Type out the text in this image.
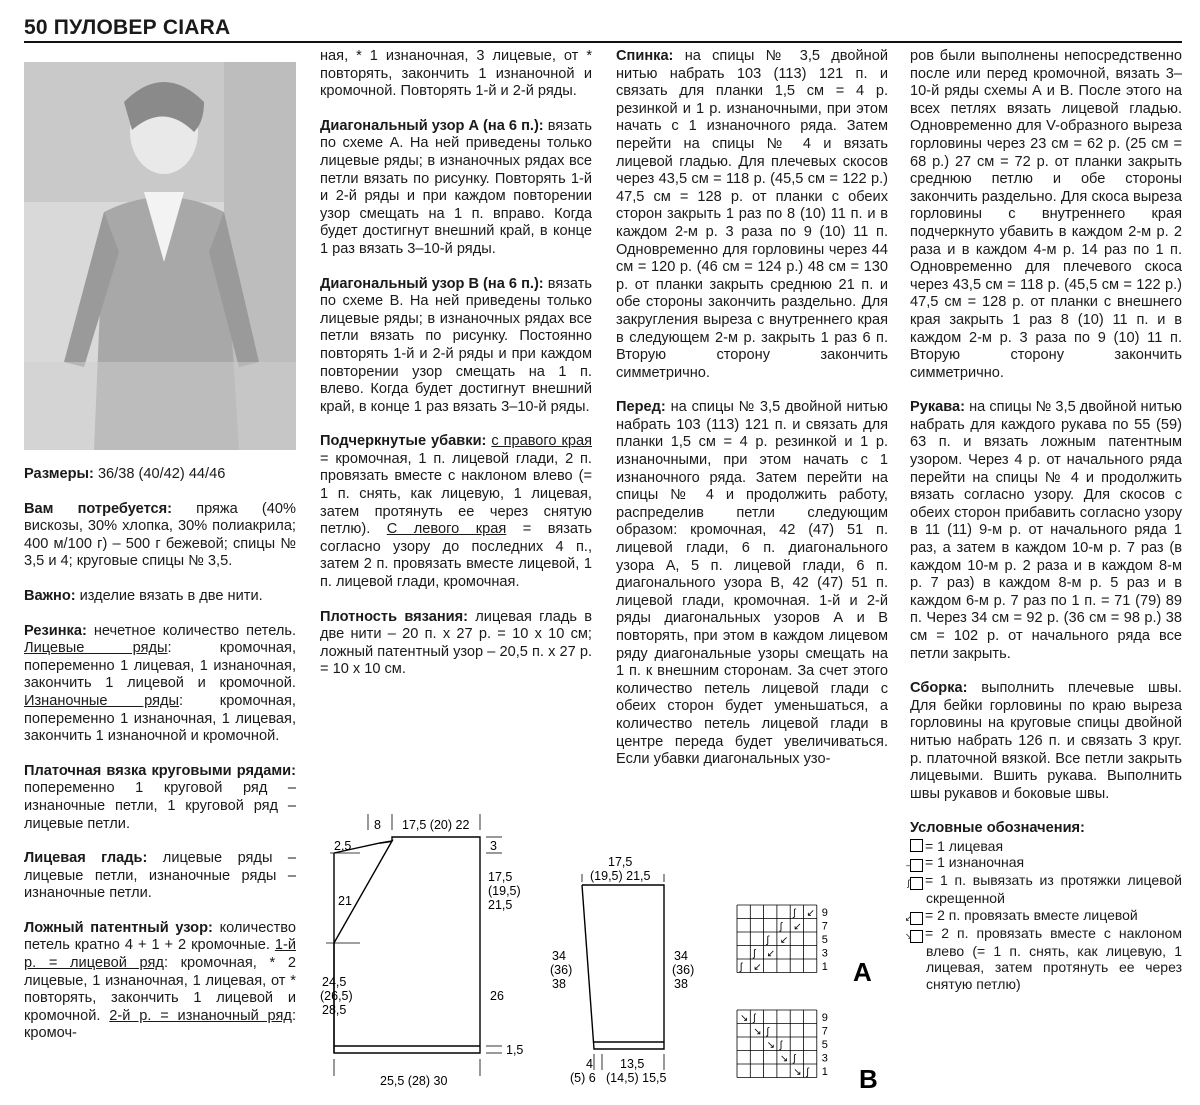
50 ПУЛОВЕР CIARA

Размеры: 36/38 (40/42) 44/46

Вам потребуется: пряжа (40% вискозы, 30% хлопка, 30% полиакрила; 400 м/100 г) – 500 г бежевой; спицы № 3,5 и 4; круговые спицы № 3,5.

Важно: изделие вязать в две нити.

Резинка: нечетное количество петель. Лицевые ряды: кромочная, попеременно 1 лицевая, 1 изнаночная, закончить 1 лицевой и кромочной. Изнаночные ряды: кромочная, попеременно 1 изнаночная, 1 лицевая, закончить 1 изнаночной и кромочной.

Платочная вязка круговыми рядами: попеременно 1 круговой ряд – изнаночные петли, 1 круговой ряд – лицевые петли.

Лицевая гладь: лицевые ряды – лицевые петли, изнаночные ряды – изнаночные петли.

Ложный патентный узор: количество петель кратно 4 + 1 + 2 кромочные. 1-й р. = лицевой ряд: кромочная, * 2 лицевые, 1 изнаночная, 1 лицевая, от * повторять, закончить 1 лицевой и кромочной. 2-й р. = изнаночный ряд: кромоч-

ная, * 1 изнаночная, 3 лицевые, от * повторять, закончить 1 изнаночной и кромочной. Повторять 1-й и 2-й ряды.

Диагональный узор А (на 6 п.): вязать по схеме А. На ней приведены только лицевые ряды; в изнаночных рядах все петли вязать по рисунку. Повторять 1-й и 2-й ряды и при каждом повторении узор смещать на 1 п. вправо. Когда будет достигнут внешний край, в конце 1 раз вязать 3–10-й ряды.

Диагональный узор В (на 6 п.): вязать по схеме В. На ней приведены только лицевые ряды; в изнаночных рядах все петли вязать по рисунку. Постоянно повторять 1-й и 2-й ряды и при каждом повторении узор смещать на 1 п. влево. Когда будет достигнут внешний край, в конце 1 раз вязать 3–10-й ряды.

Подчеркнутые убавки: с правого края = кромочная, 1 п. лицевой глади, 2 п. провязать вместе с наклоном влево (= 1 п. снять, как лицевую, 1 лицевая, затем протянуть ее через снятую петлю). С левого края = вязать согласно узору до последних 4 п., затем 2 п. провязать вместе лицевой, 1 п. лицевой глади, кромочная.

Плотность вязания: лицевая гладь в две нити – 20 п. х 27 р. = 10 х 10 см; ложный патентный узор – 20,5 п. х 27 р. = 10 х 10 см.

Спинка: на спицы № 3,5 двойной нитью набрать 103 (113) 121 п. и связать для планки 1,5 см = 4 р. резинкой и 1 р. изнаночными, при этом начать с 1 изнаночного ряда. Затем перейти на спицы № 4 и вязать лицевой гладью. Для плечевых скосов через 43,5 см = 118 р. (45,5 см = 122 р.) 47,5 см = 128 р. от планки с обеих сторон закрыть 1 раз по 8 (10) 11 п. и в каждом 2-м р. 3 раза по 9 (10) 11 п. Одновременно для горловины через 44 см = 120 р. (46 см = 124 р.) 48 см = 130 р. от планки закрыть среднюю 21 п. и обе стороны закончить раздельно. Для закругления выреза с внутреннего края в следующем 2-м р. закрыть 1 раз 6 п. Вторую сторону закончить симметрично.

Перед: на спицы № 3,5 двойной нитью набрать 103 (113) 121 п. и связать для планки 1,5 см = 4 р. резинкой и 1 р. изнаночными, при этом начать с 1 изнаночного ряда. Затем перейти на спицы № 4 и продолжить работу, распределив петли следующим образом: кромочная, 42 (47) 51 п. лицевой глади, 6 п. диагонального узора А, 5 п. лицевой глади, 6 п. диагонального узора В, 42 (47) 51 п. лицевой глади, кромочная. 1-й и 2-й ряды диагональных узоров А и В повторять, при этом в каждом лицевом ряду диагональные узоры смещать на 1 п. к внешним сторонам. За счет этого количество петель лицевой глади с обеих сторон будет уменьшаться, а количество петель лицевой глади в центре переда будет увеличиваться. Если убавки диагональных узо-

ров были выполнены непосредственно после или перед кромочной, вязать 3–10-й ряды схемы А и В. После этого на всех петлях вязать лицевой гладью. Одновременно для V-образного выреза горловины через 23 см = 62 р. (25 см = 68 р.) 27 см = 72 р. от планки закрыть среднюю петлю и обе стороны закончить раздельно. Для скоса выреза горловины с внутреннего края подчеркнуто убавить в каждом 2-м р. 2 раза и в каждом 4-м р. 14 раз по 1 п. Одновременно для плечевого скоса через 43,5 см = 118 р. (45,5 см = 122 р.) 47,5 см = 128 р. от планки с внешнего края закрыть 1 раз 8 (10) 11 п. и в каждом 2-м р. 3 раза по 9 (10) 11 п. Вторую сторону закончить симметрично.

Рукава: на спицы № 3,5 двойной нитью набрать для каждого рукава по 55 (59) 63 п. и вязать ложным патентным узором. Через 4 р. от начального ряда перейти на спицы № 4 и продолжить вязать согласно узору. Для скосов с обеих сторон прибавить согласно узору в 11 (11) 9-м р. от начального ряда 1 раз, а затем в каждом 10-м р. 7 раз (в каждом 10-м р. 2 раза и в каждом 8-м р. 7 раз) в каждом 8-м р. 5 раз и в каждом 6-м р. 7 раз по 1 п. = 71 (79) 89 п. Через 34 см = 92 р. (36 см = 98 р.) 38 см = 102 р. от начального ряда все петли закрыть.

Сборка: выполнить плечевые швы. Для бейки горловины по краю выреза горловины на круговые спицы двойной нитью набрать 126 п. и связать 3 круг. р. платочной вязкой. Все петли закрыть лицевыми. Вшить рукава. Выполнить швы рукавов и боковые швы.

Условные обозначения:
= 1 лицевая
– = 1 изнаночная
ʃ = 1 п. вывязать из протяжки лицевой скрещенной
↙ = 2 п. провязать вместе лицевой
↘ = 2 п. провязать вместе с наклоном влево (= 1 п. снять, как лицевую, 1 лицевая, затем протянуть ее через снятую петлю)
8 17,5 (20) 22
2,5	3
21
17,5
(19,5)
21,5
24,5
(26,5)
28,5
26
1,5
25,5 (28) 30
17,5
(19,5) 21,5
34
(36)
38
34
(36)
38
4
(5) 6
13,5
(14,5) 15,5
ʃ ↙
ʃ ↙
ʃ ↙
ʃ ↙
ʃ ↙
9
7
5
3
1 A
↘ ʃ
↘ ʃ
↘ ʃ
↘ ʃ
↘ ʃ
9
7
5
3
1 B
